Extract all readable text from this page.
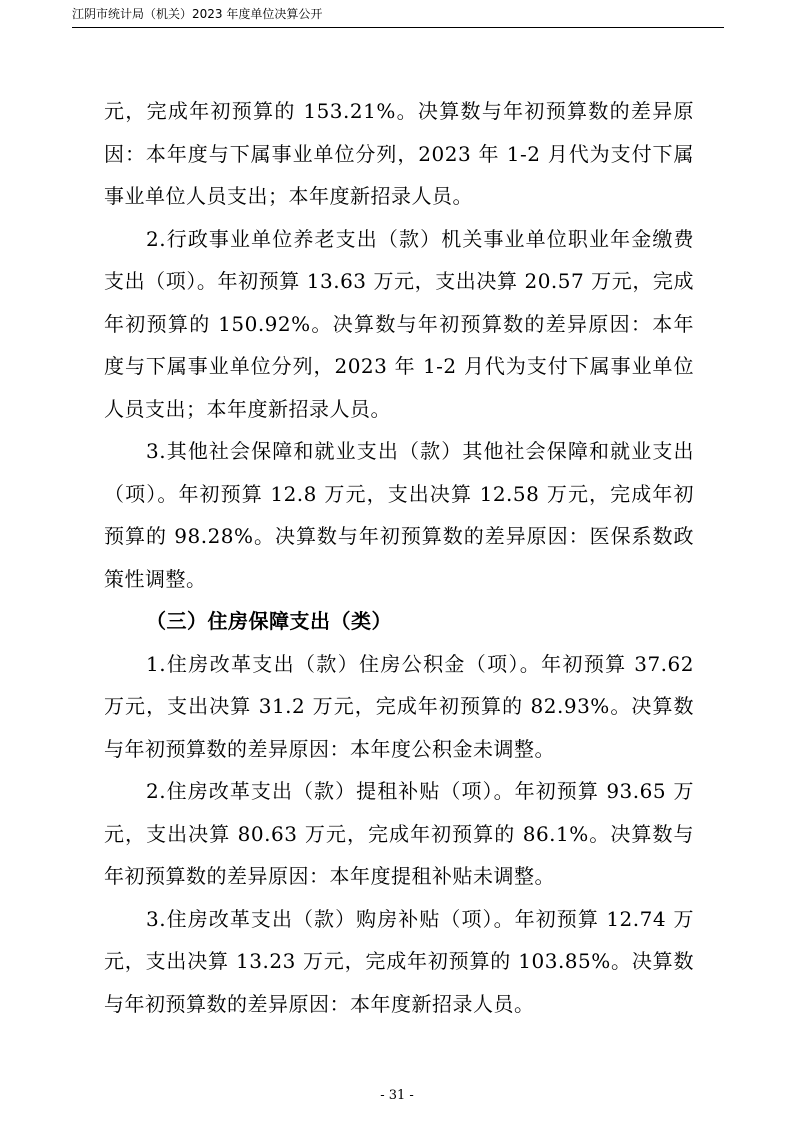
江阴市统计局（机关）2023 年度单位决算公开

元，完成年初预算的 153.21%。决算数与年初预算数的差异原因：本年度与下属事业单位分列，2023 年 1-2 月代为支付下属事业单位人员支出；本年度新招录人员。

2.行政事业单位养老支出（款）机关事业单位职业年金缴费支出（项）。年初预算 13.63 万元，支出决算 20.57 万元，完成年初预算的 150.92%。决算数与年初预算数的差异原因：本年度与下属事业单位分列，2023 年 1-2 月代为支付下属事业单位人员支出；本年度新招录人员。

3.其他社会保障和就业支出（款）其他社会保障和就业支出（项）。年初预算 12.8 万元，支出决算 12.58 万元，完成年初预算的 98.28%。决算数与年初预算数的差异原因：医保系数政策性调整。

（三）住房保障支出（类）

1.住房改革支出（款）住房公积金（项）。年初预算 37.62 万元，支出决算 31.2 万元，完成年初预算的 82.93%。决算数与年初预算数的差异原因：本年度公积金未调整。

2.住房改革支出（款）提租补贴（项）。年初预算 93.65 万元，支出决算 80.63 万元，完成年初预算的 86.1%。决算数与年初预算数的差异原因：本年度提租补贴未调整。

3.住房改革支出（款）购房补贴（项）。年初预算 12.74 万元，支出决算 13.23 万元，完成年初预算的 103.85%。决算数与年初预算数的差异原因：本年度新招录人员。

- 31 -
